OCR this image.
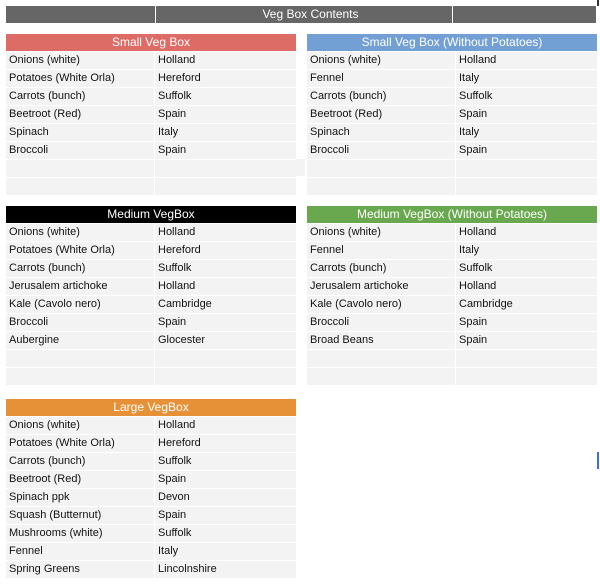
Veg Box Contents
Small Veg Box
Onions (white)	Holland
Potatoes (White Orla)	Hereford
Carrots (bunch)	Suffolk
Beetroot (Red)	Spain
Spinach	Italy
Broccoli	Spain
Small Veg Box (Without Potatoes)
Onions (white)	Holland
Fennel	Italy
Carrots (bunch)	Suffolk
Beetroot (Red)	Spain
Spinach	Italy
Broccoli	Spain
Medium VegBox
Onions (white)	Holland
Potatoes (White Orla)	Hereford
Carrots (bunch)	Suffolk
Jerusalem artichoke	Holland
Kale (Cavolo nero)	Cambridge
Broccoli	Spain
Aubergine	Glocester
Medium VegBox (Without Potatoes)
Onions (white)	Holland
Fennel	Italy
Carrots (bunch)	Suffolk
Jerusalem artichoke	Holland
Kale (Cavolo nero)	Cambridge
Broccoli	Spain
Broad Beans	Spain
Large VegBox
Onions (white)	Holland
Potatoes (White Orla)	Hereford
Carrots (bunch)	Suffolk
Beetroot (Red)	Spain
Spinach ppk	Devon
Squash (Butternut)	Spain
Mushrooms (white)	Suffolk
Fennel	Italy
Spring Greens	Lincolnshire
